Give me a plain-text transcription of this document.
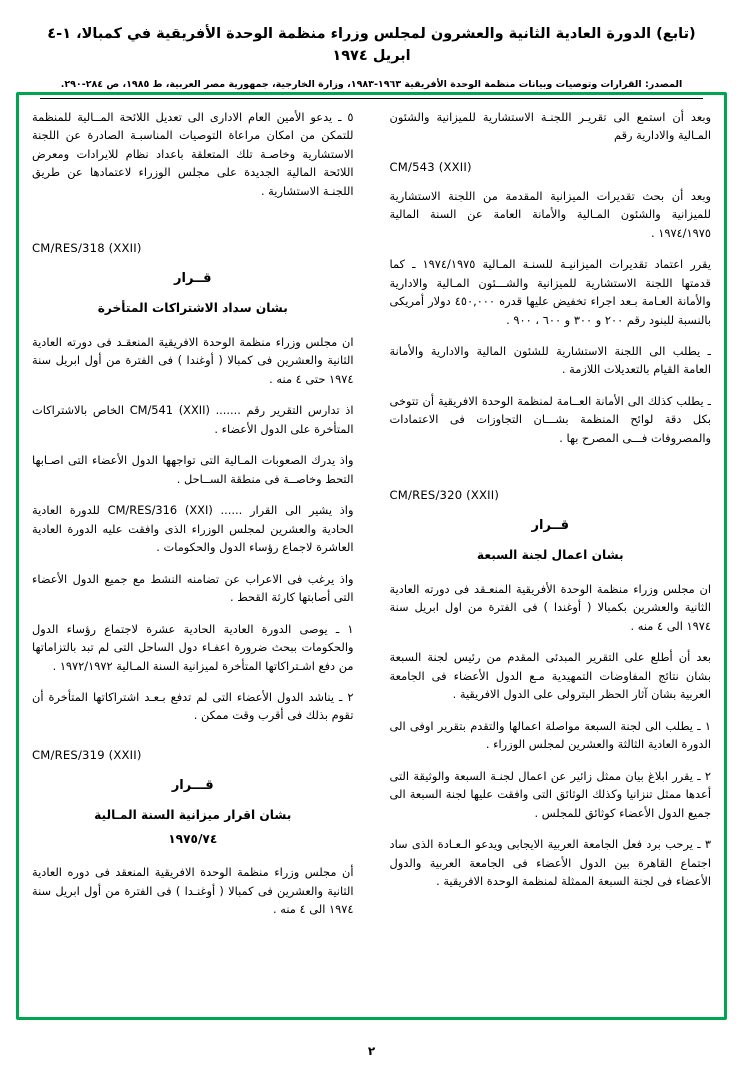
(تابع) الدورة العادية الثانية والعشرون لمجلس وزراء منظمة الوحدة الأفريقية في كمبالا، ١-٤ ابريل ١٩٧٤
المصدر: القرارات وتوصيات وبيانات منظمة الوحدة الأفريقية ١٩٦٣-١٩٨٣، وزارة الخارجية، جمهورية مصر العربية، ط ١٩٨٥، ص ٢٨٤-٢٩٠.
وبعد أن استمع الى تقريـر اللجنـة الاستشارية للميزانية والشئون المـالية والادارية رقم
CM/543 (XXII)
وبعد أن بحث تقديرات الميزانية المقدمة من اللجنة الاستشارية للميزانية والشئون المـالية والأمانة العامة عن السنة المالية ١٩٧٤/١٩٧٥ .
يقرر اعتماد تقديرات الميزانيـة للسنـة المـالية ١٩٧٤/١٩٧٥ ـ كما قدمتها اللجنة الاستشارية للميزانية والشـــئون المـالية والادارية والأمانة العـامة بـعد اجراء تخفيض عليها قدره ٤٥٠,٠٠٠ دولار أمريكى بالنسبة للبنود رقم ٢٠٠ و ٣٠٠ و ٦٠٠ ، ٩٠٠ .
ـ يطلب الى اللجنة الاستشارية للشئون المالية والادارية والأمانة العامة القيام بالتعديلات اللازمة .
ـ يطلب كذلك الى الأمانة العــامة لمنظمة الوحدة الافريقية أن تتوخى بكل دقة لوائح المنظمة بشـــان التجاوزات فى الاعتمادات والمصروفات فـــى المصرح بها .
CM/RES/320 (XXII)
قــرار
بشان اعمال لجنة السبعة
ان مجلس وزراء منظمة الوحدة الأفريقية المنعـقد فى دورته العادية الثانية والعشرين بكمبالا ( أوغندا ) فى الفترة من اول ابريل سنة ١٩٧٤ الى ٤ منه .
بعد أن أطلع على التقرير المبدئى المقدم من رئيس لجنة السبعة بشان نتائج المفاوضات التمهيدية مـع الدول الأعضاء فى الجامعة العربية بشان آثار الحظر البترولى على الدول الافريقية .
١ ـ يطلب الى لجنة السبعة مواصلة اعمالها والتقدم بتقرير اوفى الى الدورة العادية الثالثة والعشرين لمجلس الوزراء .
٢ ـ يقرر ابلاغ بيان ممثل زائير عن اعمال لجنـة السبعة والوثيقة التى أعدها ممثل تنزانيا وكذلك الوثائق التى وافقت عليها لجنة السبعة الى جميع الدول الأعضاء كوثائق للمجلس .
٣ ـ يرحب برد فعل الجامعة العربية الايجابى ويدعو الـعـادة الذى ساد اجتماع القاهرة بين الدول الأعضاء فى الجامعة العربية والدول الأعضاء فى لجنة السبعة الممثلة لمنظمة الوحدة الافريقية .
٥ ـ يدعو الأمين العام الادارى الى تعديل اللائحة المــالية للمنظمة للتمكن من امكان مراعاة التوصيات المناسبـة الصادرة عن اللجنة الاستشارية وخاصـة تلك المتعلقة باعداد نظام للايرادات ومعرض اللائحة المالية الجديدة على مجلس الوزراء لاعتمادها عن طريق اللجنـة الاستشارية .
CM/RES/318 (XXII)
قــرار
بشان سداد الاشتراكات المتأخرة
ان مجلس وزراء منظمة الوحدة الافريقية المنعقـد فى دورته العادية الثانية والعشرين فى كمبالا ( أوغندا ) فى الفترة من أول ابريل سنة ١٩٧٤ حتى ٤ منه .
اذ تدارس التقرير رقم ....... (XXII) CM/541 الخاص بالاشتراكات المتأخرة على الدول الأعضاء .
واذ يدرك الصعوبات المـالية التى تواجهها الدول الأعضاء التى اصـابها التحط وخاصــة فى منطقة الســاحل .
واذ يشير الى القرار ...... (XXI) CM/RES/316 للدورة العادية الحادية والعشرين لمجلس الوزراء الذى وافقت عليه الدورة العادية العاشرة لاجماع رؤساء الدول والحكومات .
واذ يرغب فى الاعراب عن تضامنه النشط مع جميع الدول الأعضاء التى أصابتها كارثة القحط .
١ ـ يوصى الدورة العادية الحادية عشرة لاجتماع رؤساء الدول والحكومات ببحث ضرورة اعفـاء دول الساحل التى لم تبد بالتزاماتها من دفع اشـتراكاتها المتأخرة لميزانية السنة المـالية ١٩٧٢/١٩٧٢ .
٢ ـ يناشد الدول الأعضاء التى لم تدفع بـعـد اشتراكاتها المتأخرة أن تقوم بذلك فى أقرب وقت ممكن .
CM/RES/319 (XXII)
قـــرار
بشان اقرار ميزانية السنة المـالية
١٩٧٥/٧٤
أن مجلس وزراء منظمة الوحدة الافريقية المنعقد فى دوره العادية الثانية والعشرين فى كمبالا ( أوغنـدا ) فى الفترة من أول ابريل سنة ١٩٧٤ الى ٤ منه .
٢
